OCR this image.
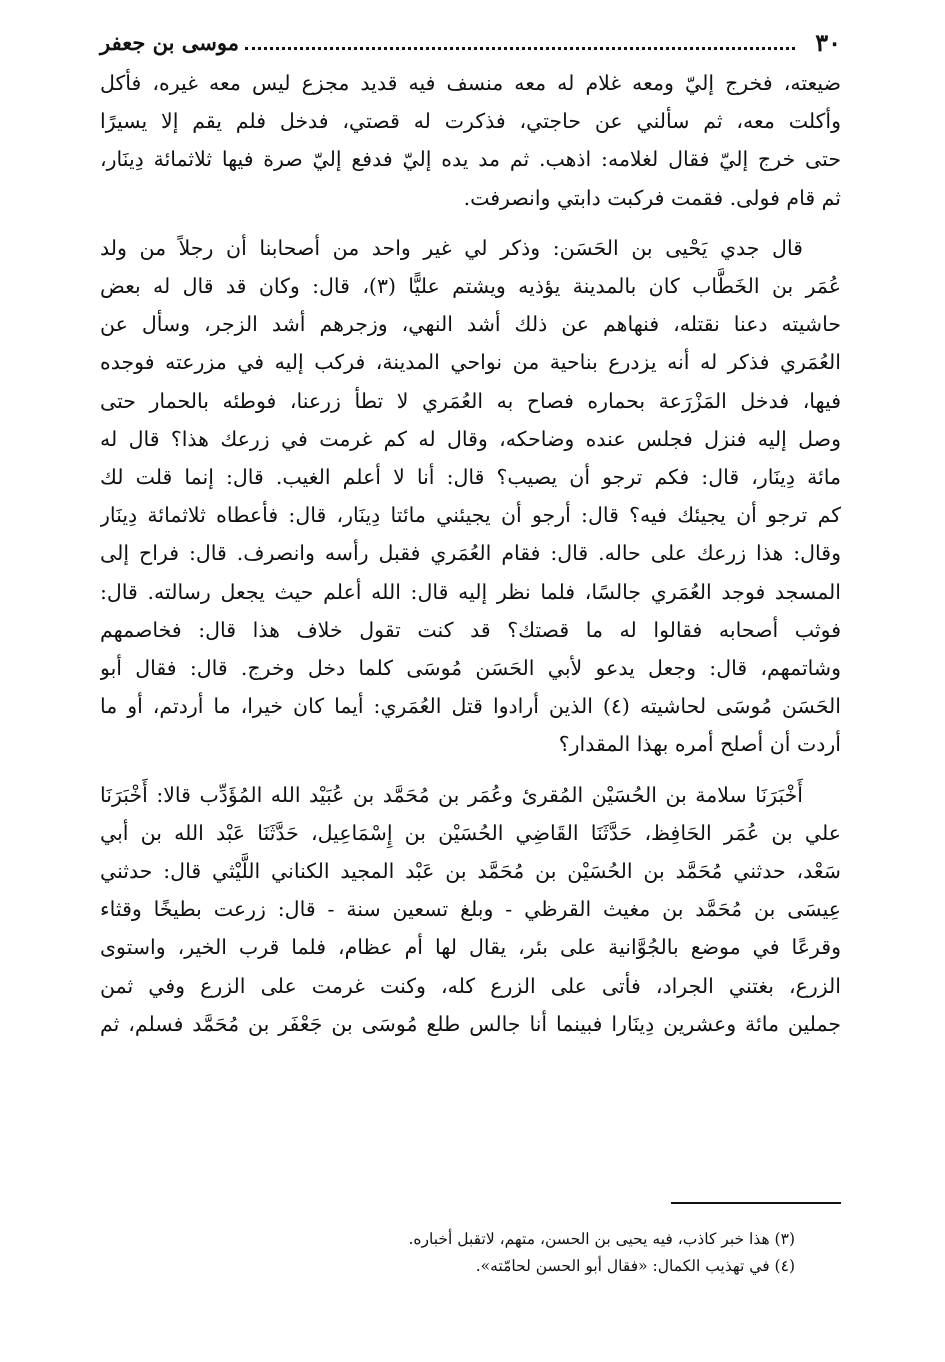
٣٠
موسى بن جعفر

ضيعته، فخرج إليّ ومعه غلام له معه منسف فيه قديد مجزع ليس معه غيره، فأكل
وأكلت معه، ثم سألني عن حاجتي، فذكرت له قصتي، فدخل فلم يقم إلا يسيرًا
حتى خرج إليّ فقال لغلامه: اذهب. ثم مد يده إليّ فدفع إليّ صرة فيها ثلاثمائة دِينَار،
ثم قام فولى. فقمت فركبت دابتي وانصرفت.

قال جدي يَحْيى بن الحَسَن: وذكر لي غير واحد من أصحابنا أن رجلاً من ولد
عُمَر بن الخَطَّاب كان بالمدينة يؤذيه ويشتم عليًّا (٣)، قال: وكان قد قال له بعض
حاشيته دعنا نقتله، فنهاهم عن ذلك أشد النهي، وزجرهم أشد الزجر، وسأل عن
العُمَري فذكر له أنه يزدرع بناحية من نواحي المدينة، فركب إليه في مزرعته فوجده
فيها، فدخل المَزْرَعة بحماره فصاح به العُمَري لا تطأ زرعنا، فوطئه بالحمار حتى
وصل إليه فنزل فجلس عنده وضاحكه، وقال له كم غرمت في زرعك هذا؟ قال له
مائة دِينَار، قال: فكم ترجو أن يصيب؟ قال: أنا لا أعلم الغيب. قال: إنما قلت لك
كم ترجو أن يجيئك فيه؟ قال: أرجو أن يجيئني مائتا دِينَار، قال: فأعطاه ثلاثمائة دِينَار
وقال: هذا زرعك على حاله. قال: فقام العُمَري فقبل رأسه وانصرف. قال: فراح إلى
المسجد فوجد العُمَري جالسًا، فلما نظر إليه قال: الله أعلم حيث يجعل رسالته. قال:
فوثب أصحابه فقالوا له ما قصتك؟ قد كنت تقول خلاف هذا قال: فخاصمهم
وشاتمهم، قال: وجعل يدعو لأبي الحَسَن مُوسَى كلما دخل وخرج. قال: فقال أبو
الحَسَن مُوسَى لحاشيته (٤) الذين أرادوا قتل العُمَري: أيما كان خيرا، ما أردتم، أو ما
أردت أن أصلح أمره بهذا المقدار؟

أَخْبَرَنَا سلامة بن الحُسَيْن المُقرئ وعُمَر بن مُحَمَّد بن عُبَيْد الله المُؤَدِّب قالا: أَخْبَرَنَا
علي بن عُمَر الحَافِظ، حَدَّثَنَا القَاضِي الحُسَيْن بن إِسْمَاعِيل، حَدَّثَنَا عَبْد الله بن أبي
سَعْد، حدثني مُحَمَّد بن الحُسَيْن بن مُحَمَّد بن عَبْد المجيد الكناني اللَّيْثي قال: حدثني
عِيسَى بن مُحَمَّد بن مغيث القرظي - وبلغ تسعين سنة - قال: زرعت بطيخًا وقثاء
وقرعًا في موضع بالجُوَّانية على بئر، يقال لها أم عظام، فلما قرب الخير، واستوى
الزرع، بغتني الجراد، فأتى على الزرع كله، وكنت غرمت على الزرع وفي ثمن
جملين مائة وعشرين دِينَارا فبينما أنا جالس طلع مُوسَى بن جَعْفَر بن مُحَمَّد فسلم، ثم

(٣) هذا خبر كاذب، فيه يحيى بن الحسن، متهم، لاتقبل أخباره.
(٤) في تهذيب الكمال: «فقال أبو الحسن لحامّته».
